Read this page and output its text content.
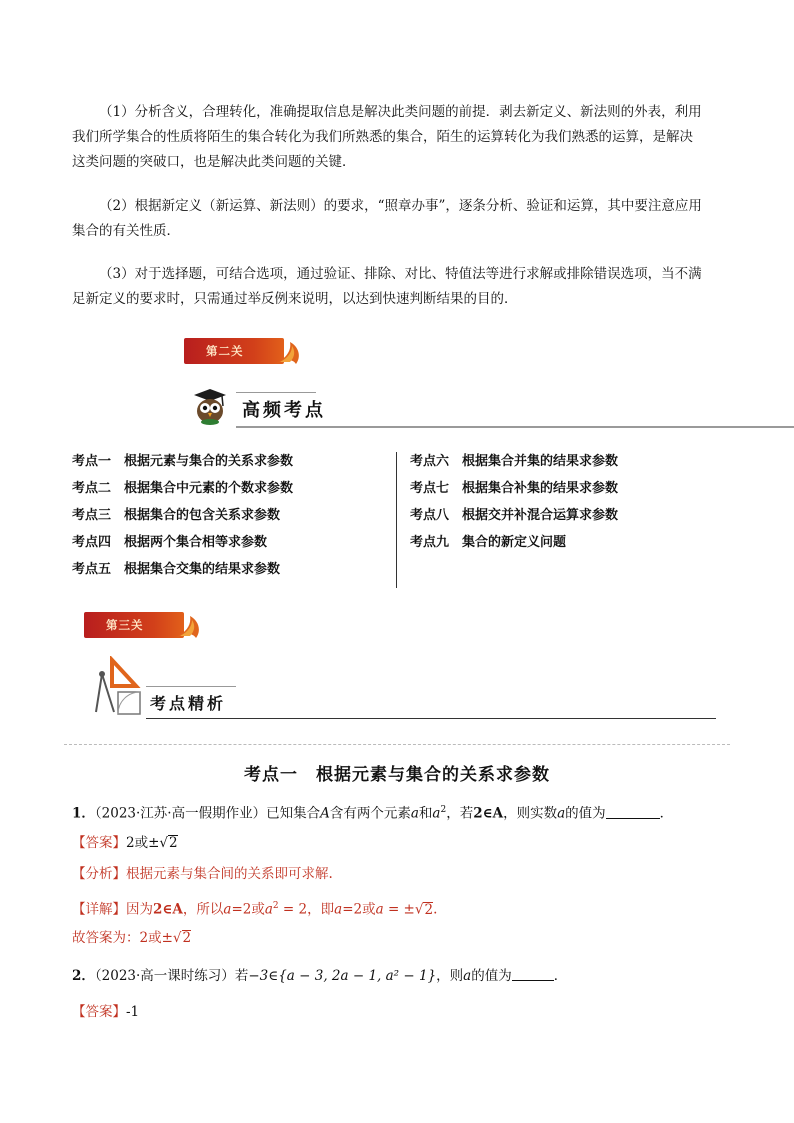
（1）分析含义，合理转化，准确提取信息是解决此类问题的前提．剥去新定义、新法则的外表，利用
我们所学集合的性质将陌生的集合转化为我们所熟悉的集合，陌生的运算转化为我们熟悉的运算，是解决
这类问题的突破口，也是解决此类问题的关键．
（2）根据新定义（新运算、新法则）的要求，“照章办事”，逐条分析、验证和运算，其中要注意应用
集合的有关性质．
（3）对于选择题，可结合选项，通过验证、排除、对比、特值法等进行求解或排除错误选项，当不满
足新定义的要求时，只需通过举反例来说明，以达到快速判断结果的目的．
第二关
高频考点
考点一　根据元素与集合的关系求参数
考点二　根据集合中元素的个数求参数
考点三　根据集合的包含关系求参数
考点四　根据两个集合相等求参数
考点五　根据集合交集的结果求参数
考点六　根据集合并集的结果求参数
考点七　根据集合补集的结果求参数
考点八　根据交并补混合运算求参数
考点九　集合的新定义问题
第三关
考点精析
考点一　根据元素与集合的关系求参数
1．（2023·江苏·高一假期作业）已知集合A含有两个元素a和$a^2$，若2∈A，则实数a的值为	．
【答案】2或±√2
【分析】根据元素与集合间的关系即可求解.
【详解】因为2∈A，所以a=2或$a^2 = 2$，即a=2或a = ±√2.
故答案为：2或±√2
2．（2023·高一课时练习）若−3∈{a − 3, 2a − 1, a² − 1}，则a的值为	．
【答案】-1
